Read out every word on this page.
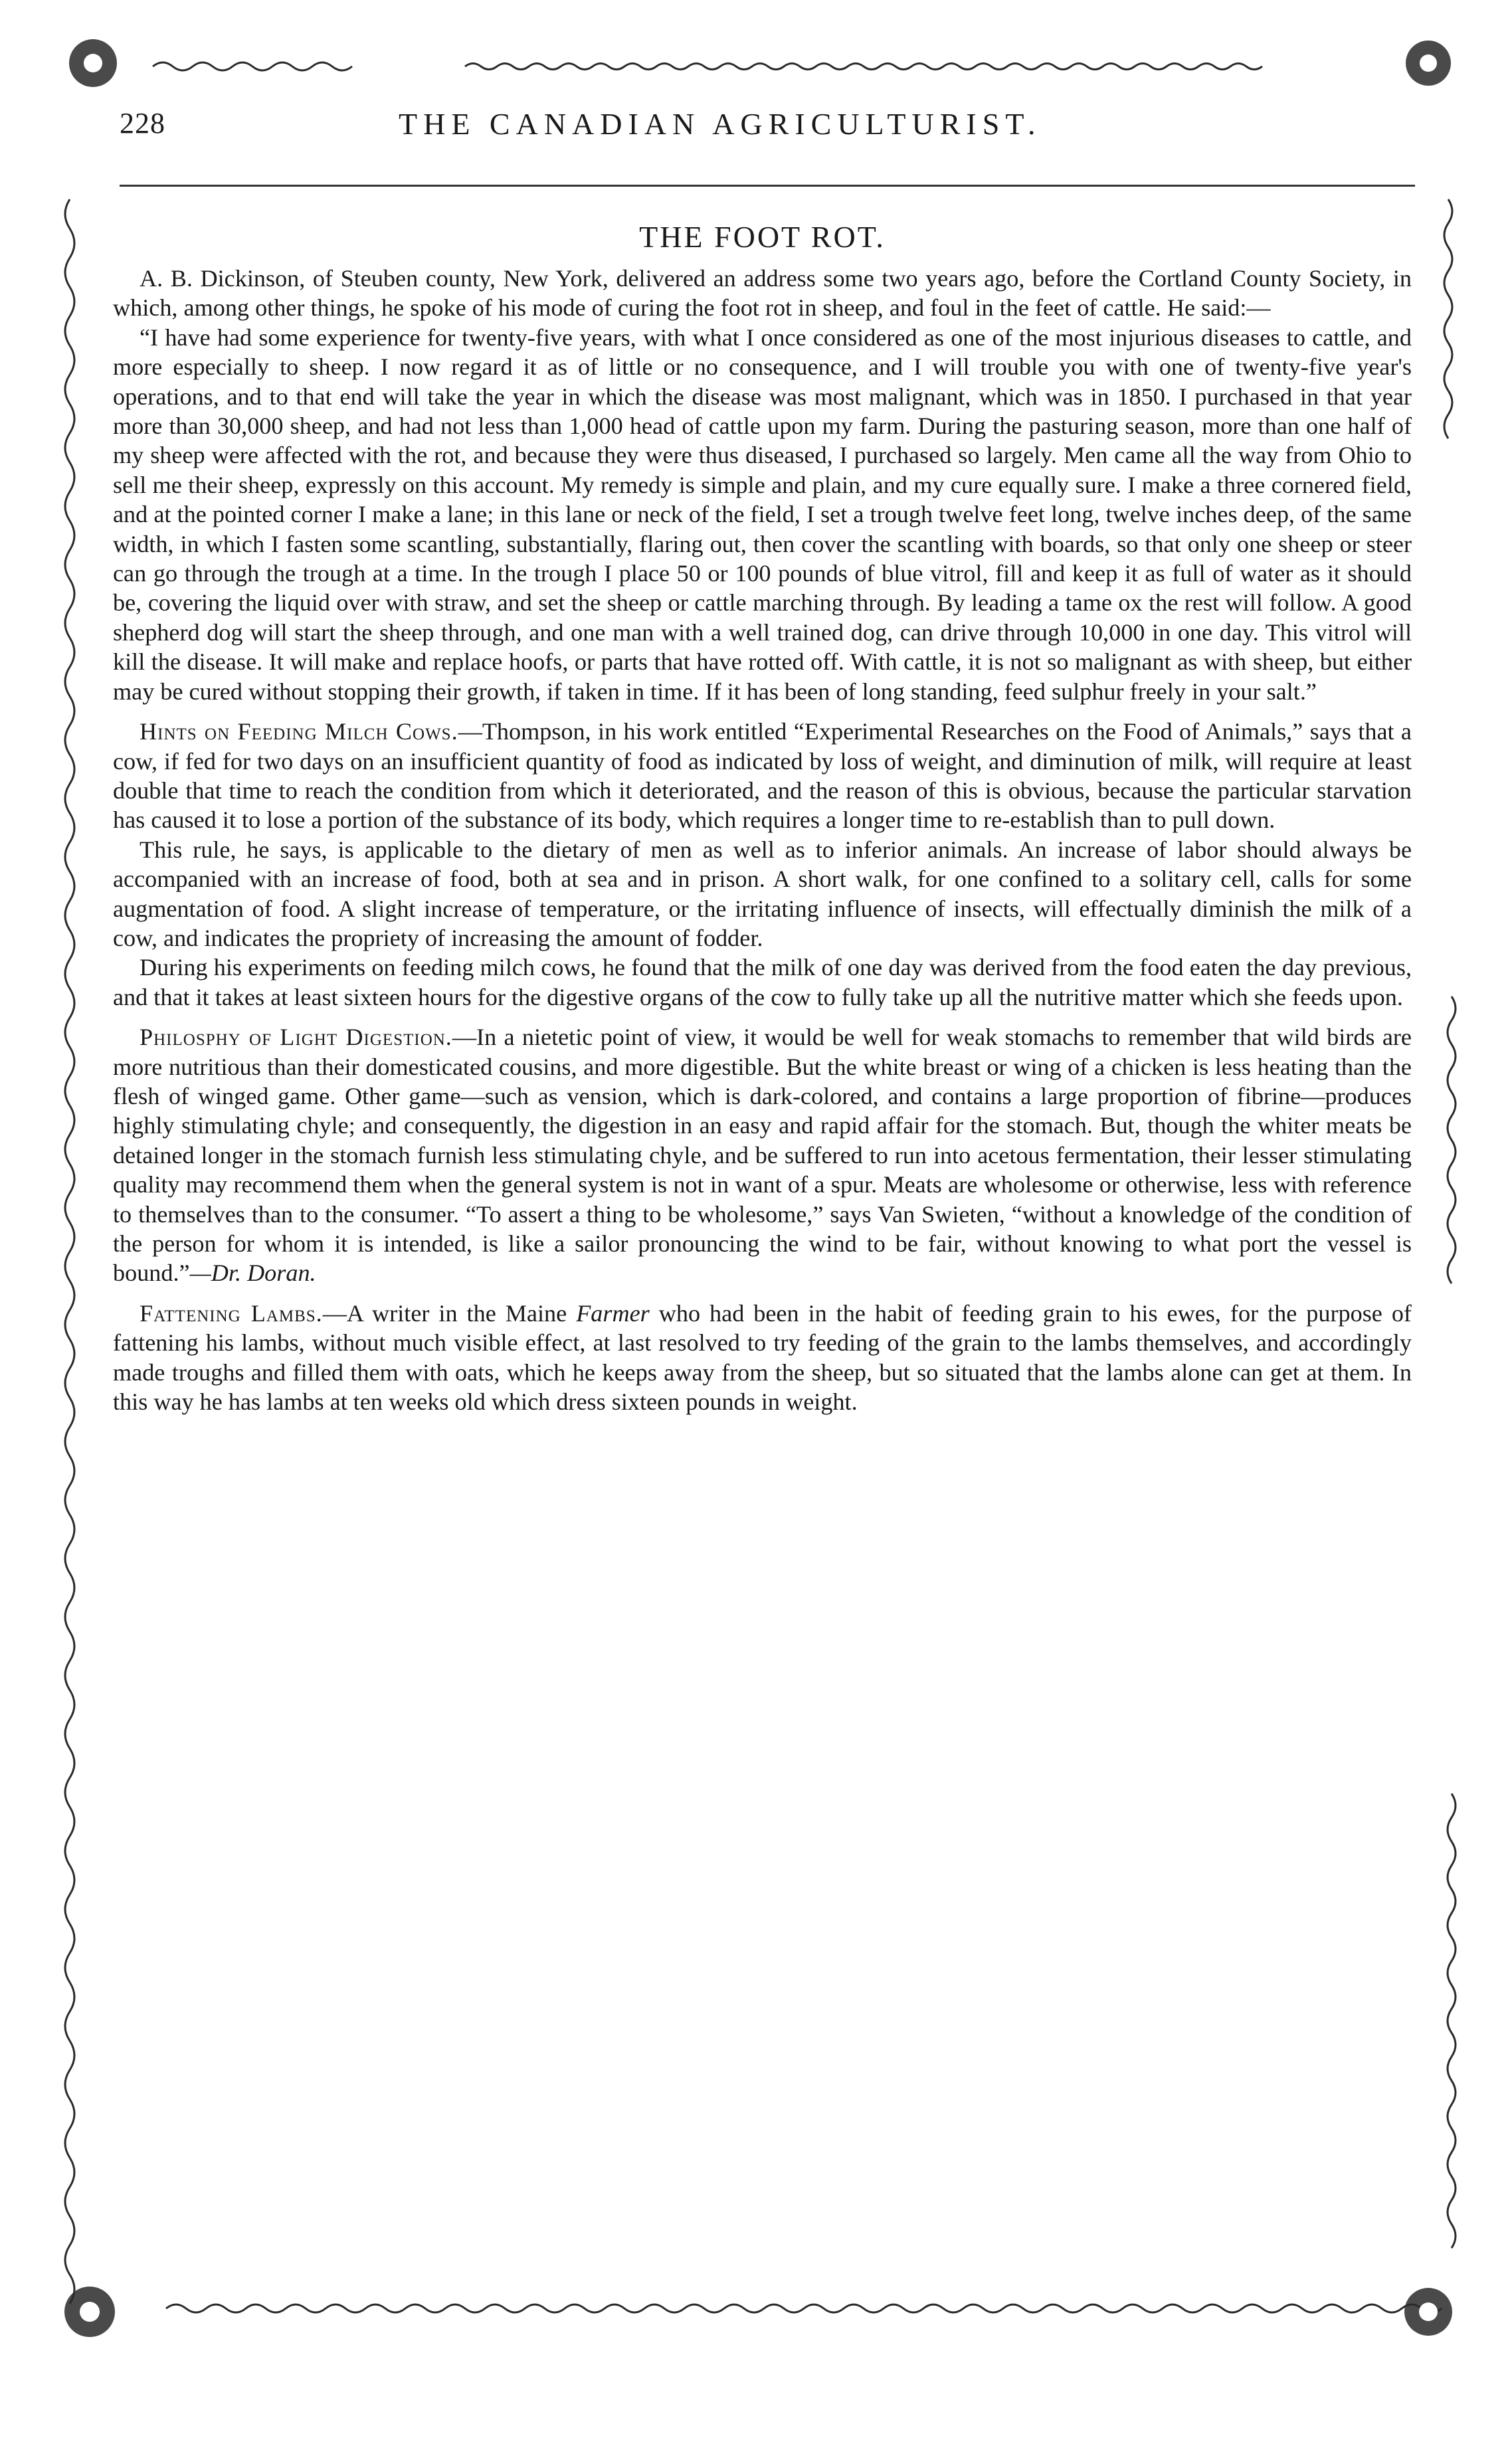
228	THE CANADIAN AGRICULTURIST.
THE FOOT ROT.

A. B. Dickinson, of Steuben county, New York, delivered an address some two years ago, before the Cortland County Society, in which, among other things, he spoke of his mode of curing the foot rot in sheep, and foul in the feet of cattle. He said:—

“I have had some experience for twenty-five years, with what I once considered as one of the most injurious diseases to cattle, and more especially to sheep. I now regard it as of little or no consequence, and I will trouble you with one of twenty-five year's operations, and to that end will take the year in which the disease was most malignant, which was in 1850. I purchased in that year more than 30,000 sheep, and had not less than 1,000 head of cattle upon my farm. During the pasturing season, more than one half of my sheep were affected with the rot, and because they were thus diseased, I purchased so largely. Men came all the way from Ohio to sell me their sheep, expressly on this account. My remedy is simple and plain, and my cure equally sure. I make a three cornered field, and at the pointed corner I make a lane; in this lane or neck of the field, I set a trough twelve feet long, twelve inches deep, of the same width, in which I fasten some scantling, substantially, flaring out, then cover the scantling with boards, so that only one sheep or steer can go through the trough at a time. In the trough I place 50 or 100 pounds of blue vitrol, fill and keep it as full of water as it should be, covering the liquid over with straw, and set the sheep or cattle marching through. By leading a tame ox the rest will follow. A good shepherd dog will start the sheep through, and one man with a well trained dog, can drive through 10,000 in one day. This vitrol will kill the disease. It will make and replace hoofs, or parts that have rotted off. With cattle, it is not so malignant as with sheep, but either may be cured without stopping their growth, if taken in time. If it has been of long standing, feed sulphur freely in your salt.”

Hints on Feeding Milch Cows.—Thompson, in his work entitled “Experimental Researches on the Food of Animals,” says that a cow, if fed for two days on an insufficient quantity of food as indicated by loss of weight, and diminution of milk, will require at least double that time to reach the condition from which it deteriorated, and the reason of this is obvious, because the particular starvation has caused it to lose a portion of the substance of its body, which requires a longer time to re-establish than to pull down.

This rule, he says, is applicable to the dietary of men as well as to inferior animals. An increase of labor should always be accompanied with an increase of food, both at sea and in prison. A short walk, for one confined to a solitary cell, calls for some augmentation of food. A slight increase of temperature, or the irritating influence of insects, will effectually diminish the milk of a cow, and indicates the propriety of increasing the amount of fodder.

During his experiments on feeding milch cows, he found that the milk of one day was derived from the food eaten the day previous, and that it takes at least sixteen hours for the digestive organs of the cow to fully take up all the nutritive matter which she feeds upon.

Philosphy of Light Digestion.—In a nietetic point of view, it would be well for weak stomachs to remember that wild birds are more nutritious than their domesticated cousins, and more digestible. But the white breast or wing of a chicken is less heating than the flesh of winged game. Other game—such as vension, which is dark-colored, and contains a large proportion of fibrine—produces highly stimulating chyle; and consequently, the digestion in an easy and rapid affair for the stomach. But, though the whiter meats be detained longer in the stomach furnish less stimulating chyle, and be suffered to run into acetous fermentation, their lesser stimulating quality may recommend them when the general system is not in want of a spur. Meats are wholesome or otherwise, less with reference to themselves than to the consumer. “To assert a thing to be wholesome,” says Van Swieten, “without a knowledge of the condition of the person for whom it is intended, is like a sailor pronouncing the wind to be fair, without knowing to what port the vessel is bound.”—Dr. Doran.

Fattening Lambs.—A writer in the Maine Farmer who had been in the habit of feeding grain to his ewes, for the purpose of fattening his lambs, without much visible effect, at last resolved to try feeding of the grain to the lambs themselves, and accordingly made troughs and filled them with oats, which he keeps away from the sheep, but so situated that the lambs alone can get at them. In this way he has lambs at ten weeks old which dress sixteen pounds in weight.
